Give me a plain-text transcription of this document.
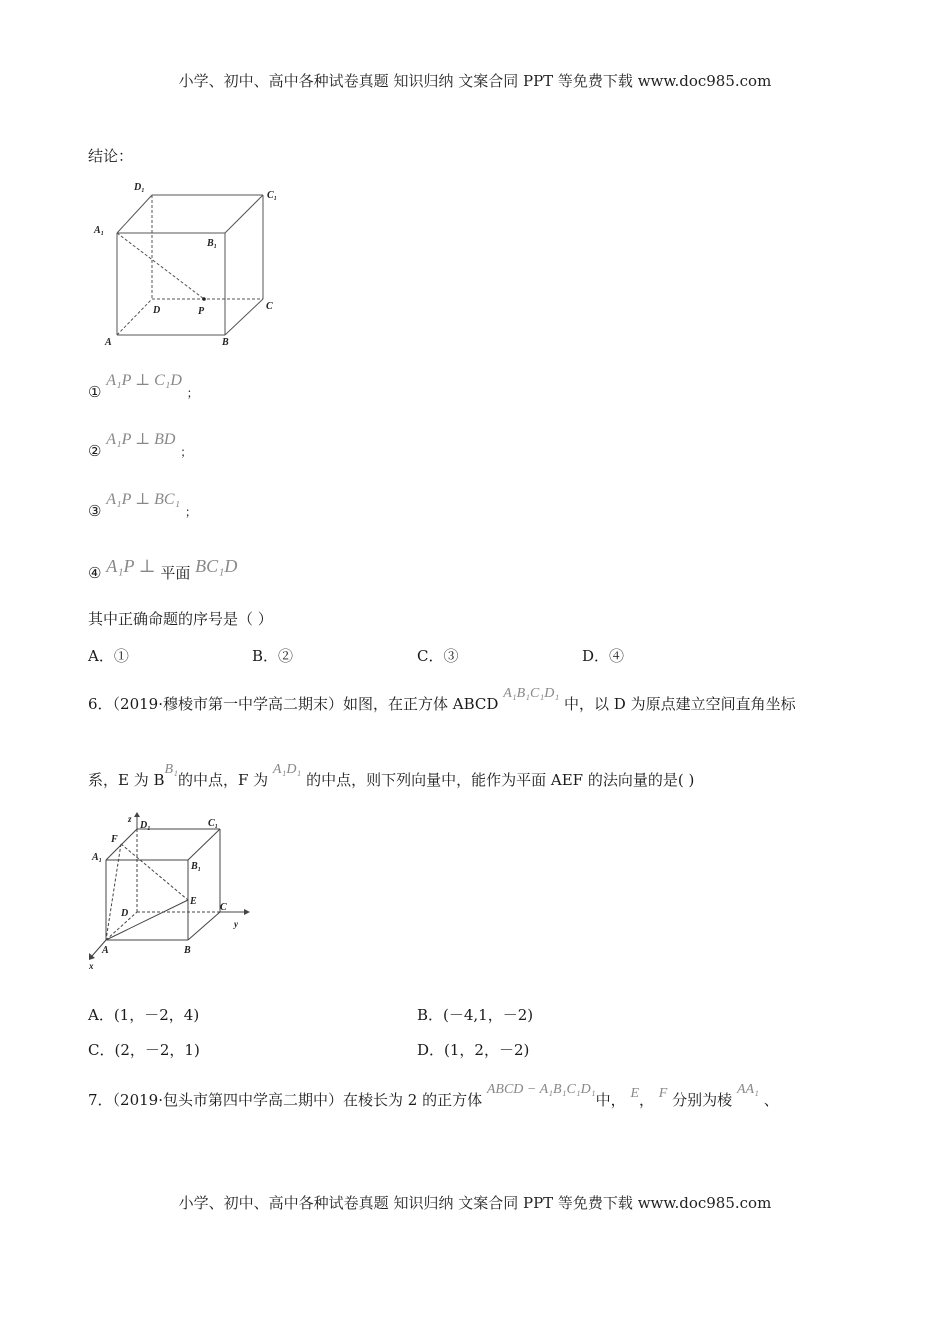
小学、初中、高中各种试卷真题 知识归纳 文案合同 PPT 等免费下载 www.doc985.com
结论：
D₁
C₁
A₁
B₁
D	P	C
A	B
① A₁P ⊥ C₁D ；
② A₁P ⊥ BD ；
③ A₁P ⊥ BC₁ ；
④ A₁P ⊥ 平面 BC₁D
其中正确命题的序号是（ ）
A．①	B．②	C．③	D．④
6．（2019·穆棱市第一中学高二期末）如图，在正方体 ABCD A₁B₁C₁D₁ 中，以 D 为原点建立空间直角坐标
系，E 为 BB₁的中点，F 为 A₁D₁ 的中点，则下列向量中，能作为平面 AEF 的法向量的是( )
z
D₁	C₁
F
A₁
B₁
E
D
C
y
A	B
x
A．(1，－2，4)	B．(－4,1，－2)
C．(2，－2，1)	D．(1，2，－2)
7．（2019·包头市第四中学高二期中）在棱长为 2 的正方体 ABCD − A₁B₁C₁D₁中， E， F 分别为棱 AA₁ 、
小学、初中、高中各种试卷真题 知识归纳 文案合同 PPT 等免费下载 www.doc985.com
